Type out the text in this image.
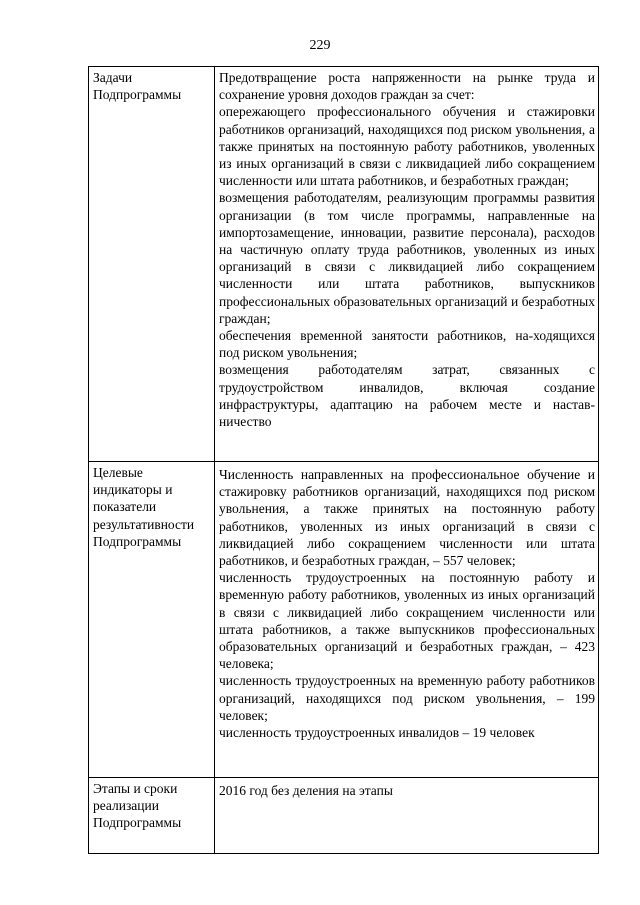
229
Задачи Подпрограммы	Предотвращение роста напряженности на рынке труда и сохранение уровня доходов граждан за счет:
опережающего профессионального обучения и стажировки работников организаций, находящихся под риском увольнения, а также принятых на постоянную работу работников, уволенных из иных организаций в связи с ликвидацией либо сокращением численности или штата работников, и безработных граждан;
возмещения работодателям, реализующим программы развития организации (в том числе программы, направленные на импортозамещение, инновации, развитие персонала), расходов на частичную оплату труда работников, уволенных из иных организаций в связи с ликвидацией либо сокращением численности или штата работников, выпускников профессиональных образовательных организаций и безработных граждан;
обеспечения временной занятости работников, на-ходящихся под риском увольнения;
возмещения работодателям затрат, связанных с трудоустройством инвалидов, включая создание инфраструктуры, адаптацию на рабочем месте и настав-ничество

Целевые индикаторы и показатели результативности Подпрограммы	Численность направленных на профессиональное обучение и стажировку работников организаций, находящихся под риском увольнения, а также принятых на постоянную работу работников, уволенных из иных организаций в связи с ликвидацией либо сокращением численности или штата работников, и безработных граждан, – 557 человек;
численность трудоустроенных на постоянную работу и временную работу работников, уволенных из иных организаций в связи с ликвидацией либо сокращением численности или штата работников, а также выпускников профессиональных образовательных организаций и безработных граждан, – 423 человека;
численность трудоустроенных на временную работу работников организаций, находящихся под риском увольнения, – 199 человек;
численность трудоустроенных инвалидов – 19 человек

Этапы и сроки реализации Подпрограммы	2016 год без деления на этапы
